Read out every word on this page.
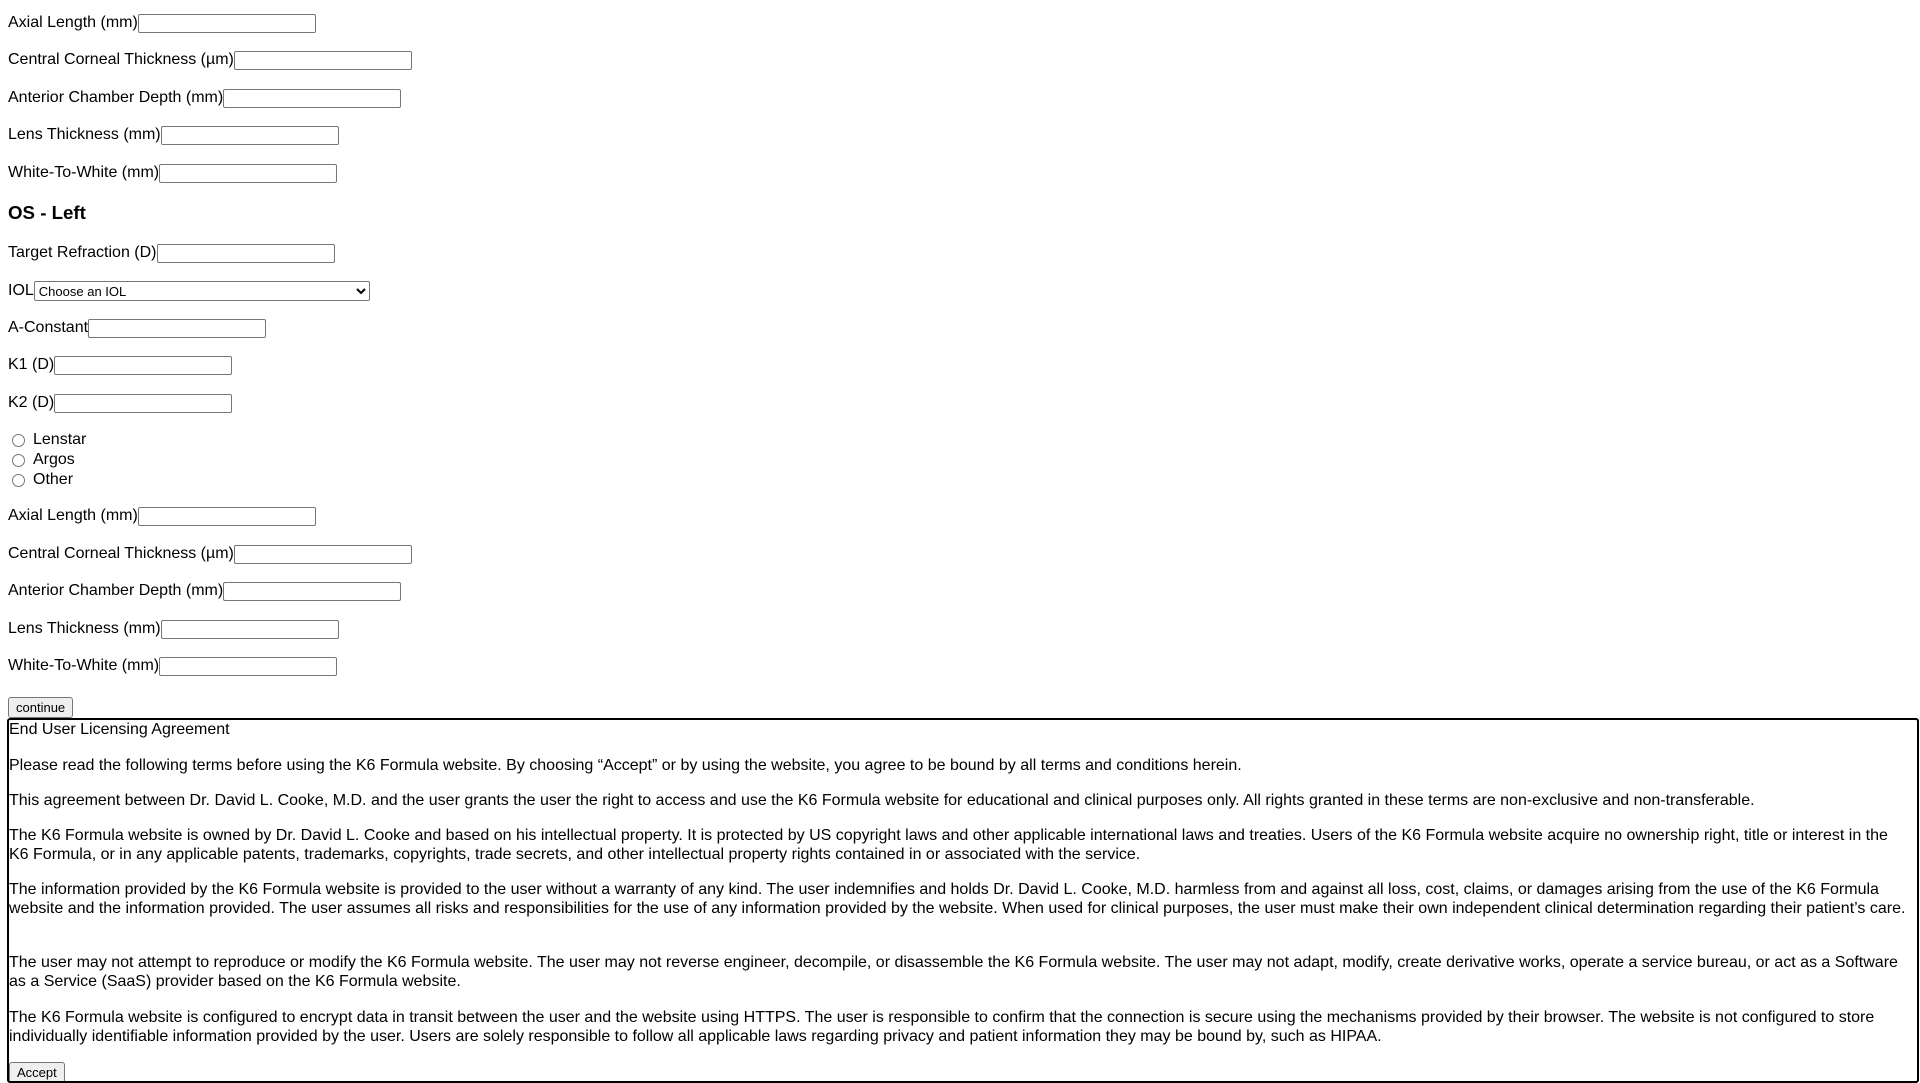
Axial Length (mm)
Central Corneal Thickness (µm)
Anterior Chamber Depth (mm)
Lens Thickness (mm)
White-To-White (mm)
OS - Left
Target Refraction (D)
IOL
Choose an IOL
A-Constant
K1 (D)
K2 (D)
Lenstar
Argos
Other
Axial Length (mm)
Central Corneal Thickness (µm)
Anterior Chamber Depth (mm)
Lens Thickness (mm)
White-To-White (mm)
continue

End User Licensing Agreement

Please read the following terms before using the K6 Formula website. By choosing “Accept” or by using the website, you agree to be bound by all terms and conditions herein.

This agreement between Dr. David L. Cooke, M.D. and the user grants the user the right to access and use the K6 Formula website for educational and clinical purposes only. All rights granted in these terms are non-exclusive and non-transferable.

The K6 Formula website is owned by Dr. David L. Cooke and based on his intellectual property. It is protected by US copyright laws and other applicable international laws and treaties. Users of the K6 Formula website acquire no ownership right, title or interest in the K6 Formula, or in any applicable patents, trademarks, copyrights, trade secrets, and other intellectual property rights contained in or associated with the service.

The information provided by the K6 Formula website is provided to the user without a warranty of any kind. The user indemnifies and holds Dr. David L. Cooke, M.D. harmless from and against all loss, cost, claims, or damages arising from the use of the K6 Formula website and the information provided. The user assumes all risks and responsibilities for the use of any information provided by the website. When used for clinical purposes, the user must make their own independent clinical determination regarding their patient’s care.

The user may not attempt to reproduce or modify the K6 Formula website. The user may not reverse engineer, decompile, or disassemble the K6 Formula website. The user may not adapt, modify, create derivative works, operate a service bureau, or act as a Software as a Service (SaaS) provider based on the K6 Formula website.

The K6 Formula website is configured to encrypt data in transit between the user and the website using HTTPS. The user is responsible to confirm that the connection is secure using the mechanisms provided by their browser. The website is not configured to store individually identifiable information provided by the user. Users are solely responsible to follow all applicable laws regarding privacy and patient information they may be bound by, such as HIPAA.

Accept
